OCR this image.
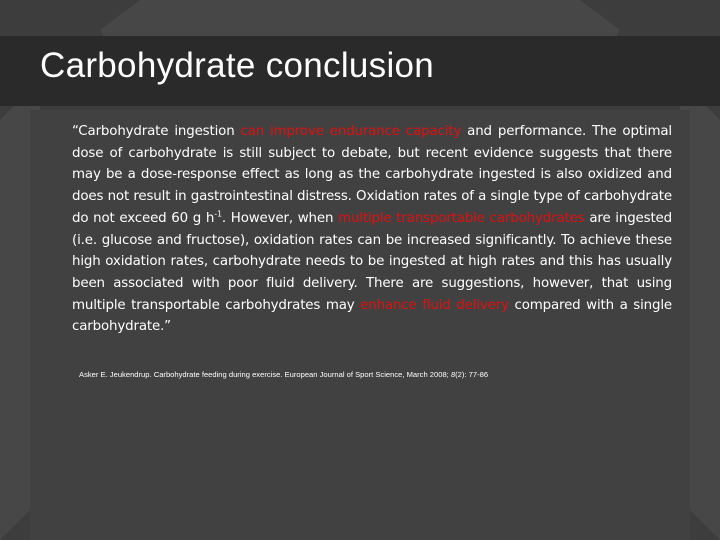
Carbohydrate conclusion

“Carbohydrate ingestion can improve endurance capacity and performance. The optimal dose of carbohydrate is still subject to debate, but recent evidence suggests that there may be a dose-response effect as long as the carbohydrate ingested is also oxidized and does not result in gastrointestinal distress. Oxidation rates of a single type of carbohydrate do not exceed 60 g $h^{-1}$. However, when multiple transportable carbohydrates are ingested (i.e. glucose and fructose), oxidation rates can be increased significantly. To achieve these high oxidation rates, carbohydrate needs to be ingested at high rates and this has usually been associated with poor fluid delivery. There are suggestions, however, that using multiple transportable carbohydrates may enhance fluid delivery compared with a single carbohydrate.”

Asker E. Jeukendrup. Carbohydrate feeding during exercise. European Journal of Sport Science, March 2008; 8(2): 77-86
